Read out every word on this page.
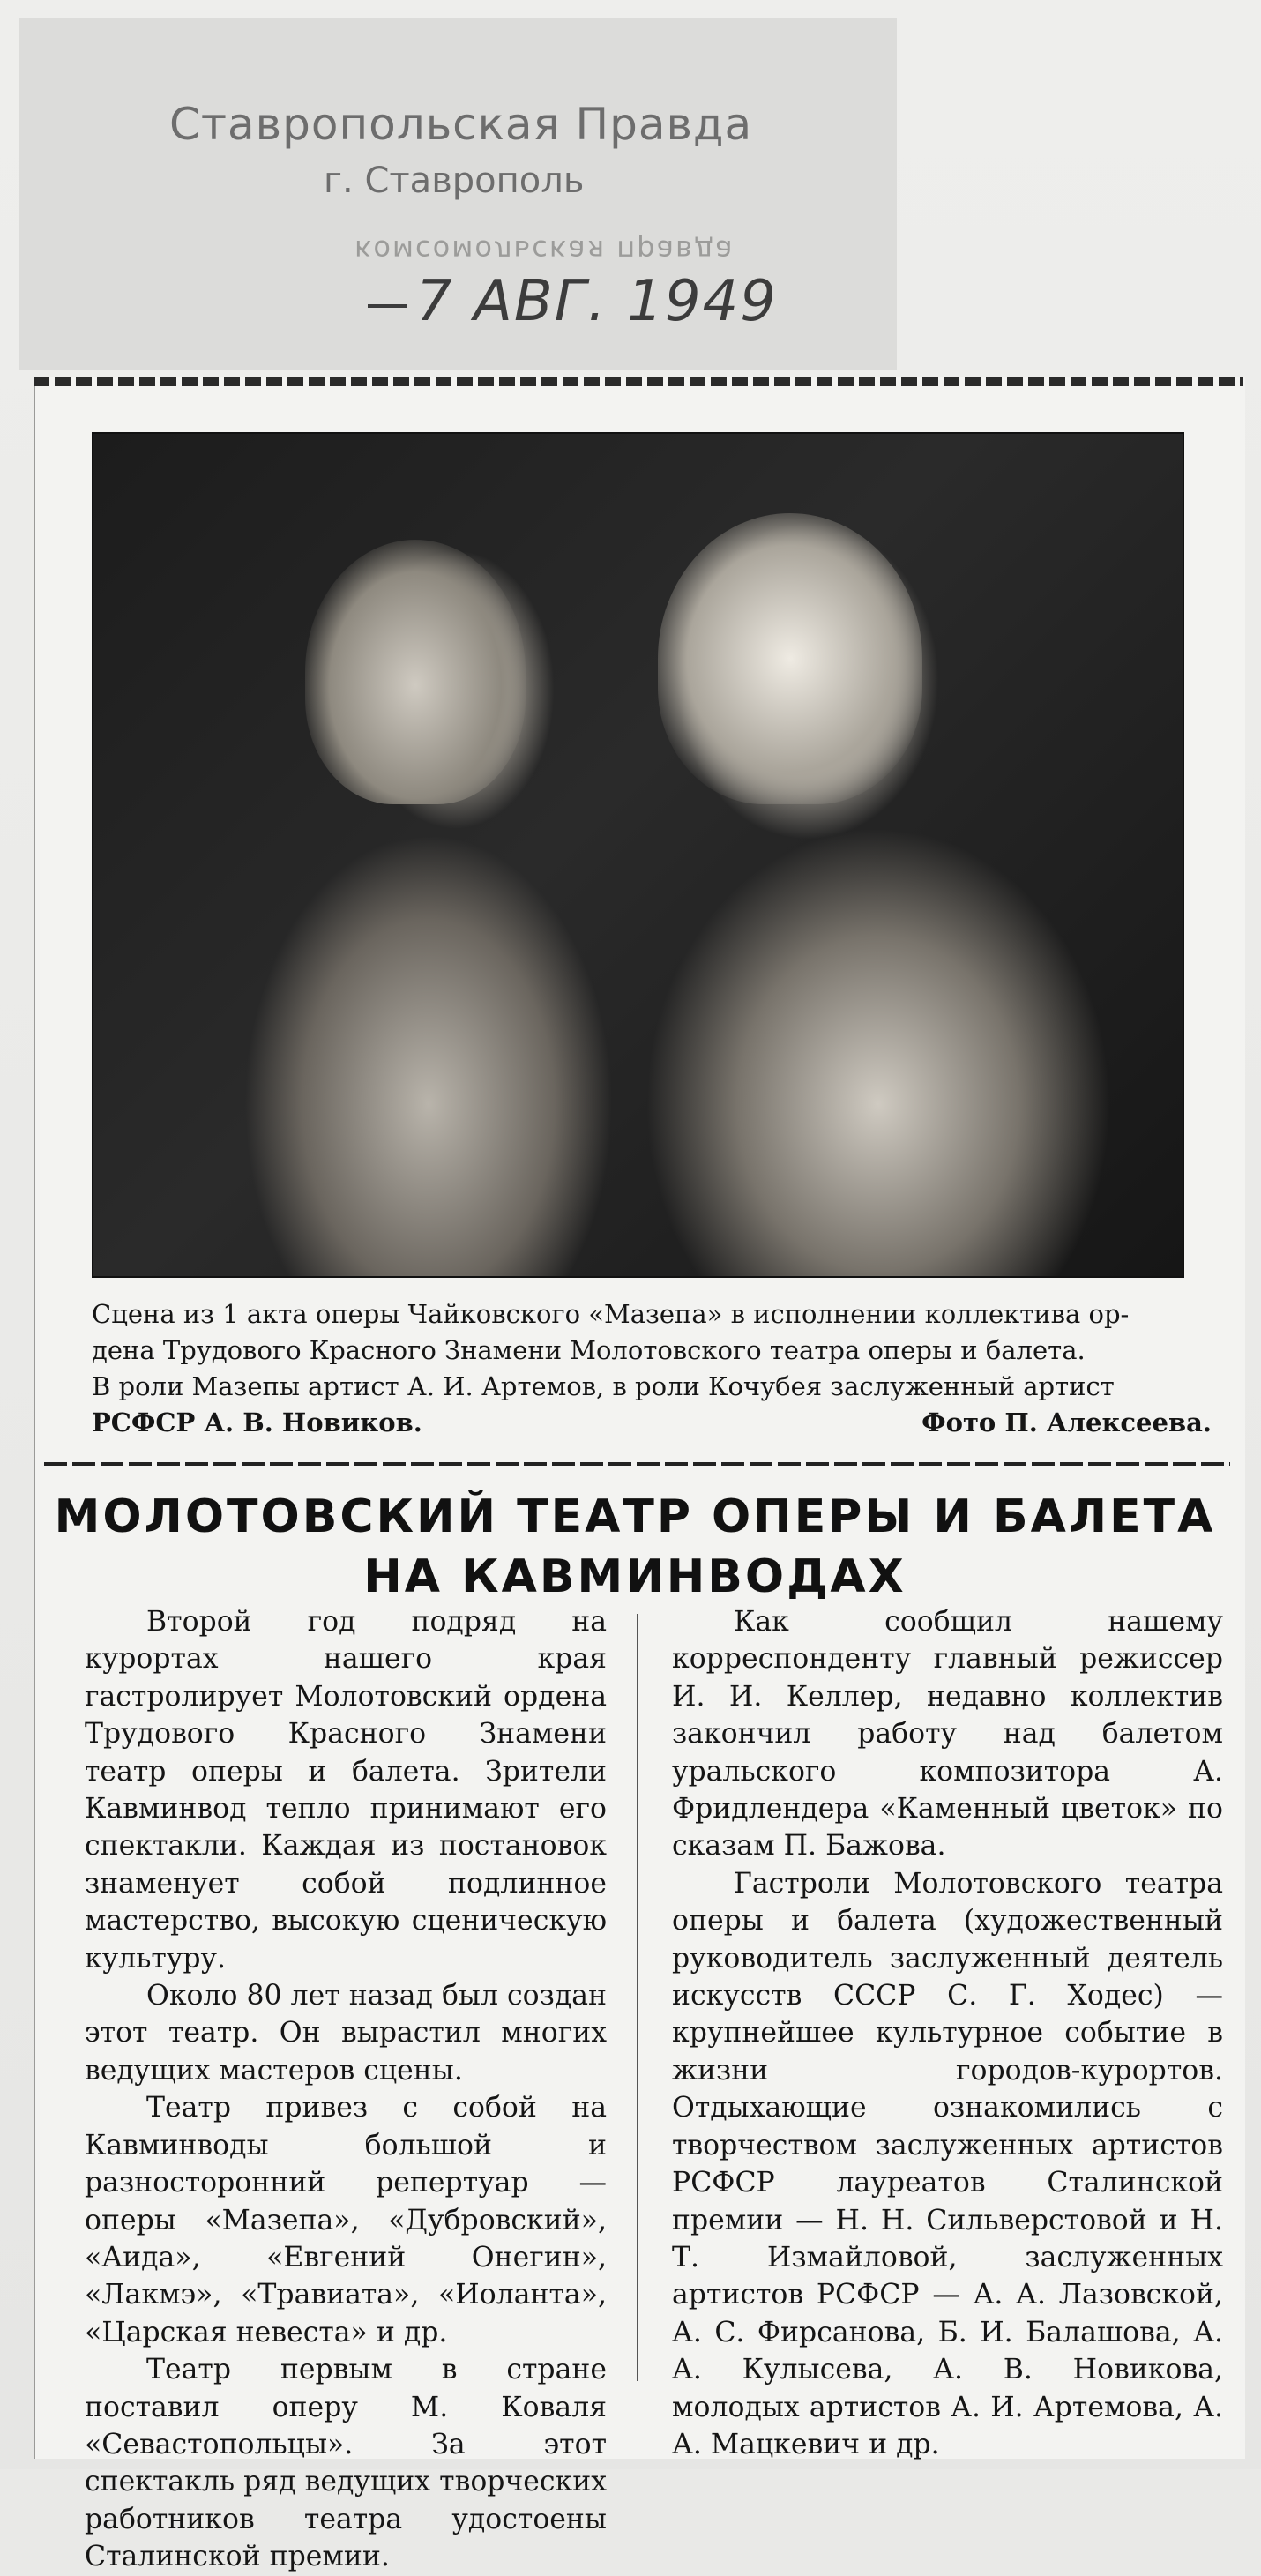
комсомольская правда
Ставропольская Правда
г. Ставрополь
7 АВГ. 1949
Сцена из 1 акта оперы Чайковского «Мазепа» в исполнении коллектива ор-
дена Трудового Красного Знамени Молотовского театра оперы и балета.
В роли Мазепы артист А. И. Артемов, в роли Кочубея заслуженный артист
РСФСР А. В. Новиков.	Фото П. Алексеева.
МОЛОТОВСКИЙ ТЕАТР ОПЕРЫ И БАЛЕТА
НА КАВМИНВОДАХ

Второй год подряд на курортах нашего края гастролирует Молотовский ордена Трудового Красного Знамени театр оперы и балета. Зрители Кавминвод тепло принимают его спектакли. Каждая из постановок знаменует собой подлинное мастерство, высокую сценическую культуру.

Около 80 лет назад был создан этот театр. Он вырастил многих ведущих мастеров сцены.

Театр привез с собой на Кавминводы большой и разносторонний репертуар — оперы «Мазепа», «Дубровский», «Аида», «Евгений Онегин», «Лакмэ», «Травиата», «Иоланта», «Царская невеста» и др.

Театр первым в стране поставил оперу М. Коваля «Севастопольцы». За этот спектакль ряд ведущих творческих работников театра удостоены Сталинской премии.

Как сообщил нашему корреспонденту главный режиссер И. И. Келлер, недавно коллектив закончил работу над балетом уральского композитора А. Фридлендера «Каменный цветок» по сказам П. Бажова.

Гастроли Молотовского театра оперы и балета (художественный руководитель заслуженный деятель искусств СССР С. Г. Ходес) — крупнейшее культурное событие в жизни городов-курортов. Отдыхающие ознакомились с творчеством заслуженных артистов РСФСР лауреатов Сталинской премии — Н. Н. Сильверстовой и Н. Т. Измайловой, заслуженных артистов РСФСР — А. А. Лазовской, А. С. Фирсанова, Б. И. Балашова, А. А. Кулысева, А. В. Новикова, молодых артистов А. И. Артемова, А. А. Мацкевич и др.
